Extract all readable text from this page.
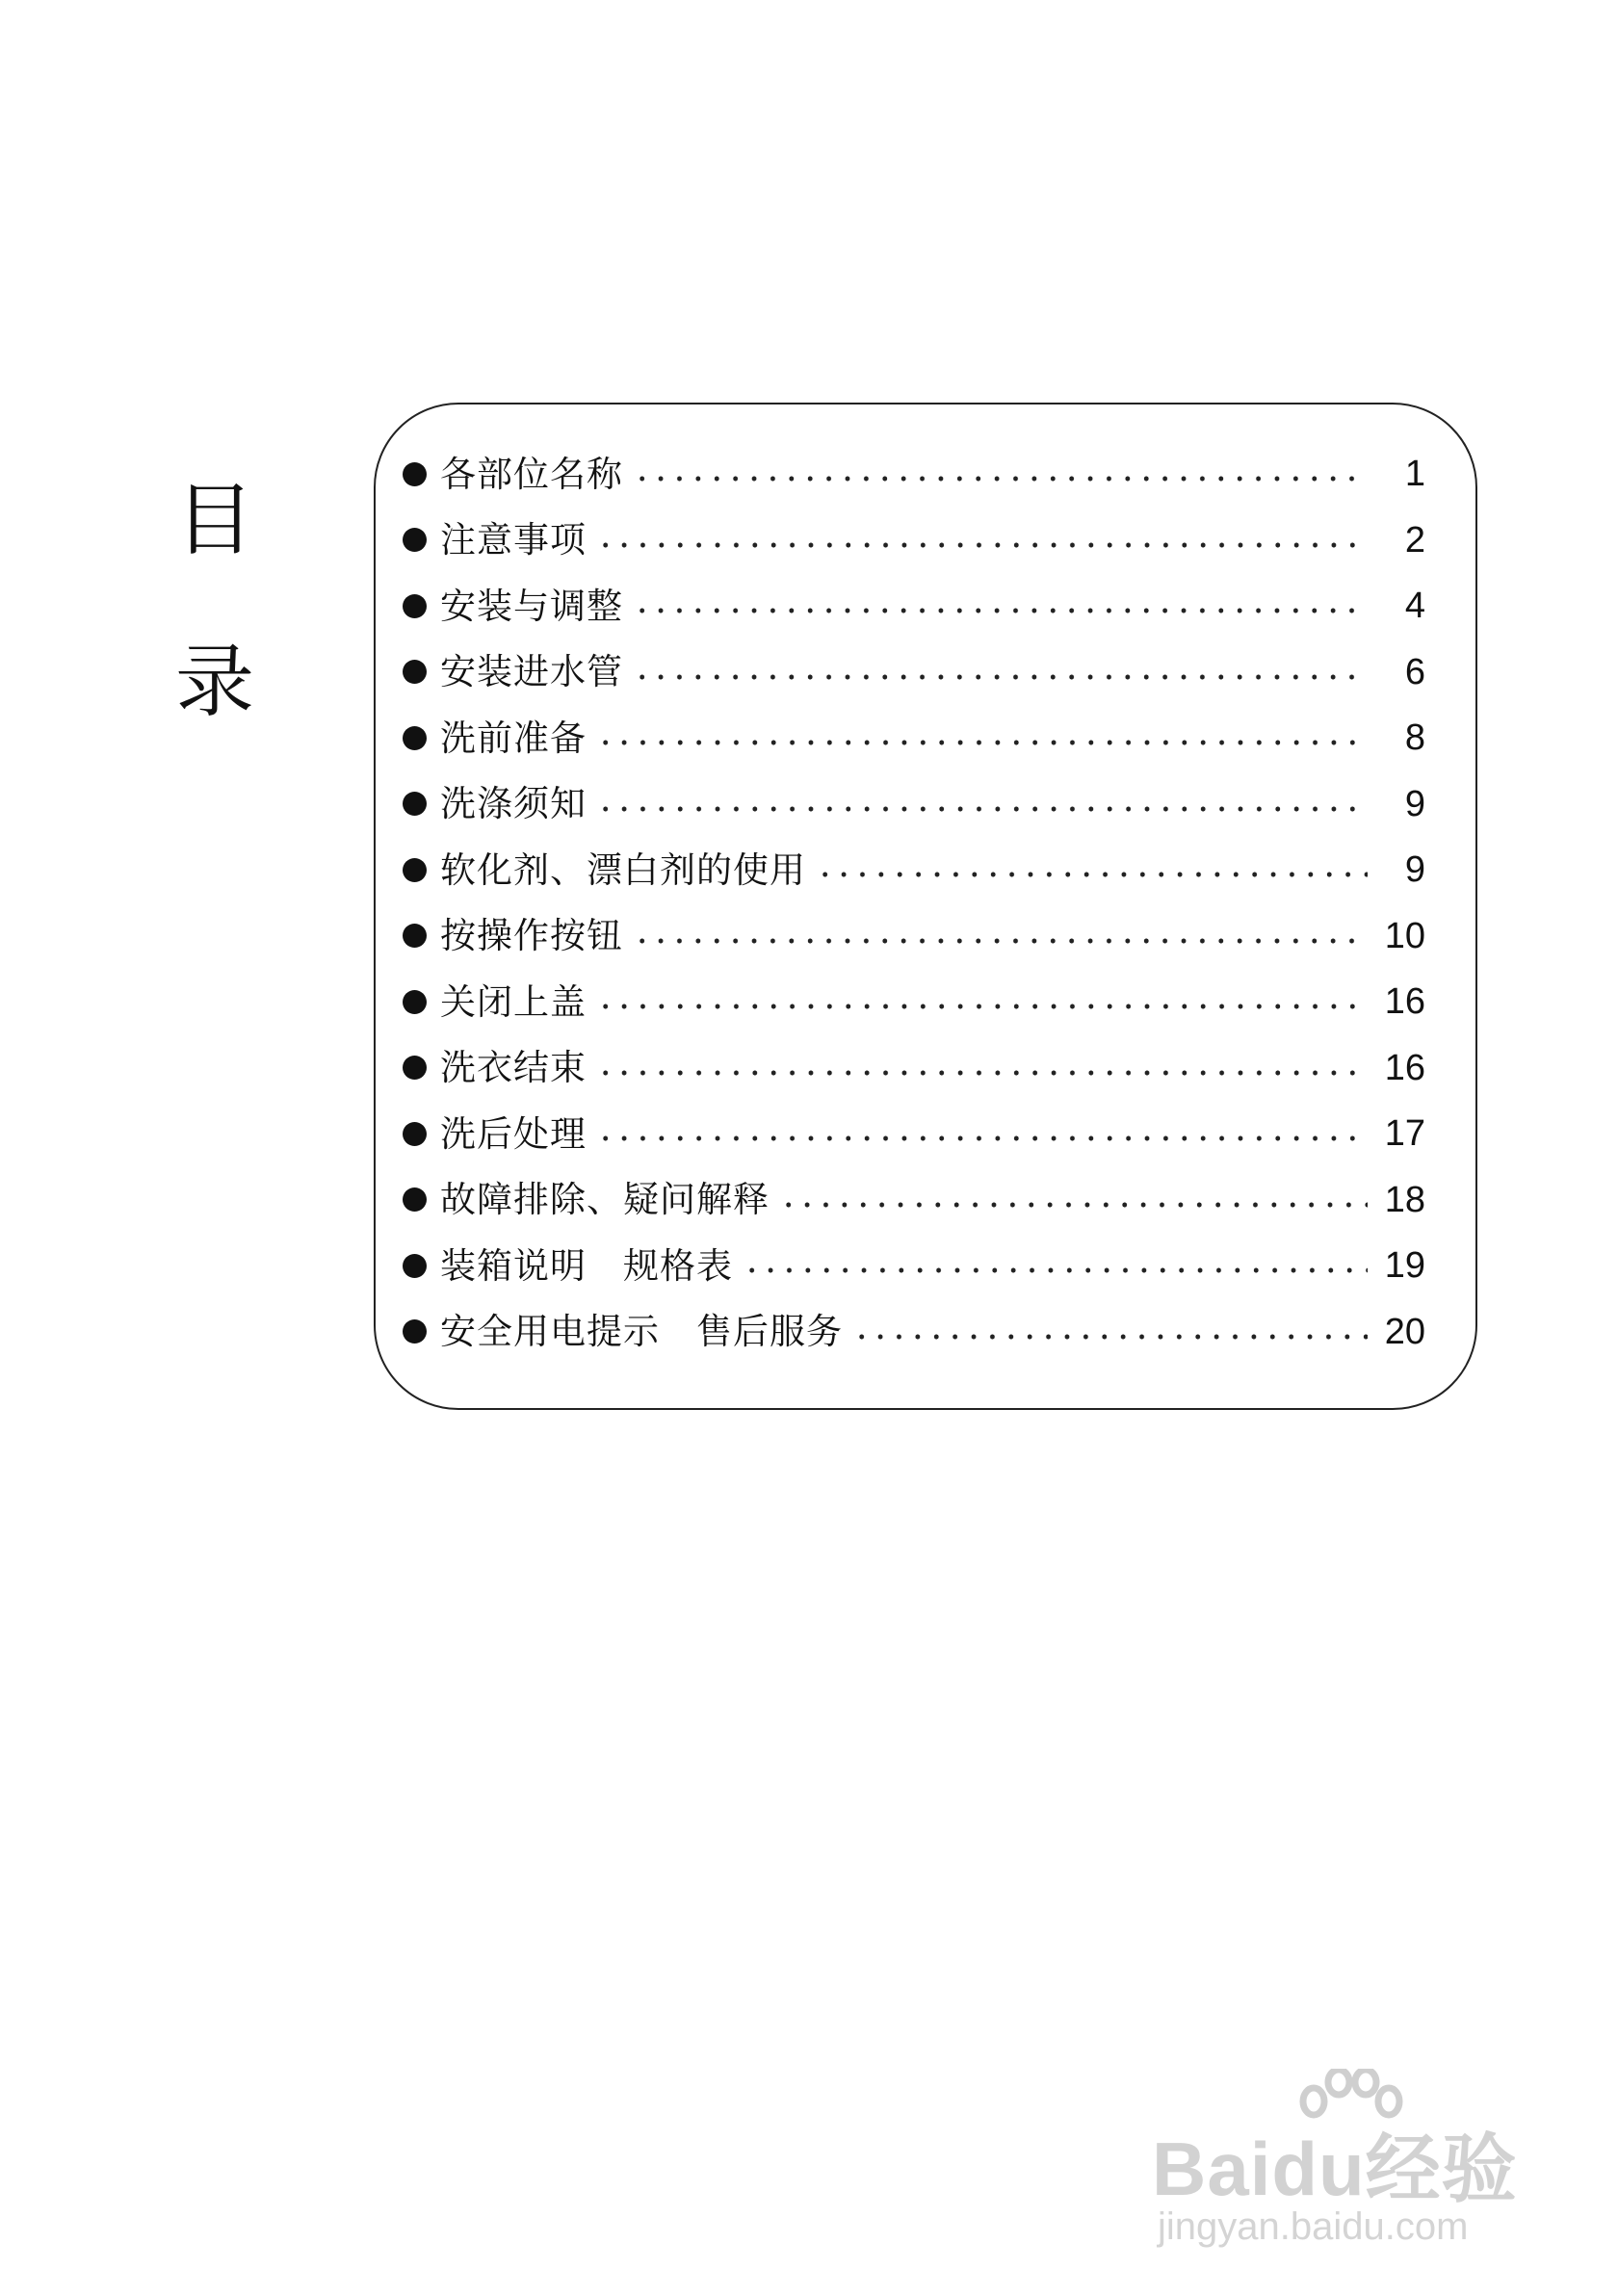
目
录
各部位名称	1
注意事项	2
安装与调整	4
安装进水管	6
洗前准备	8
洗涤须知	9
软化剂、漂白剂的使用	9
按操作按钮	10
关闭上盖	16
洗衣结束	16
洗后处理	17
故障排除、疑问解释	18
装箱说明　规格表	19
安全用电提示　售后服务	20
Baidu经验
jingyan.baidu.com
